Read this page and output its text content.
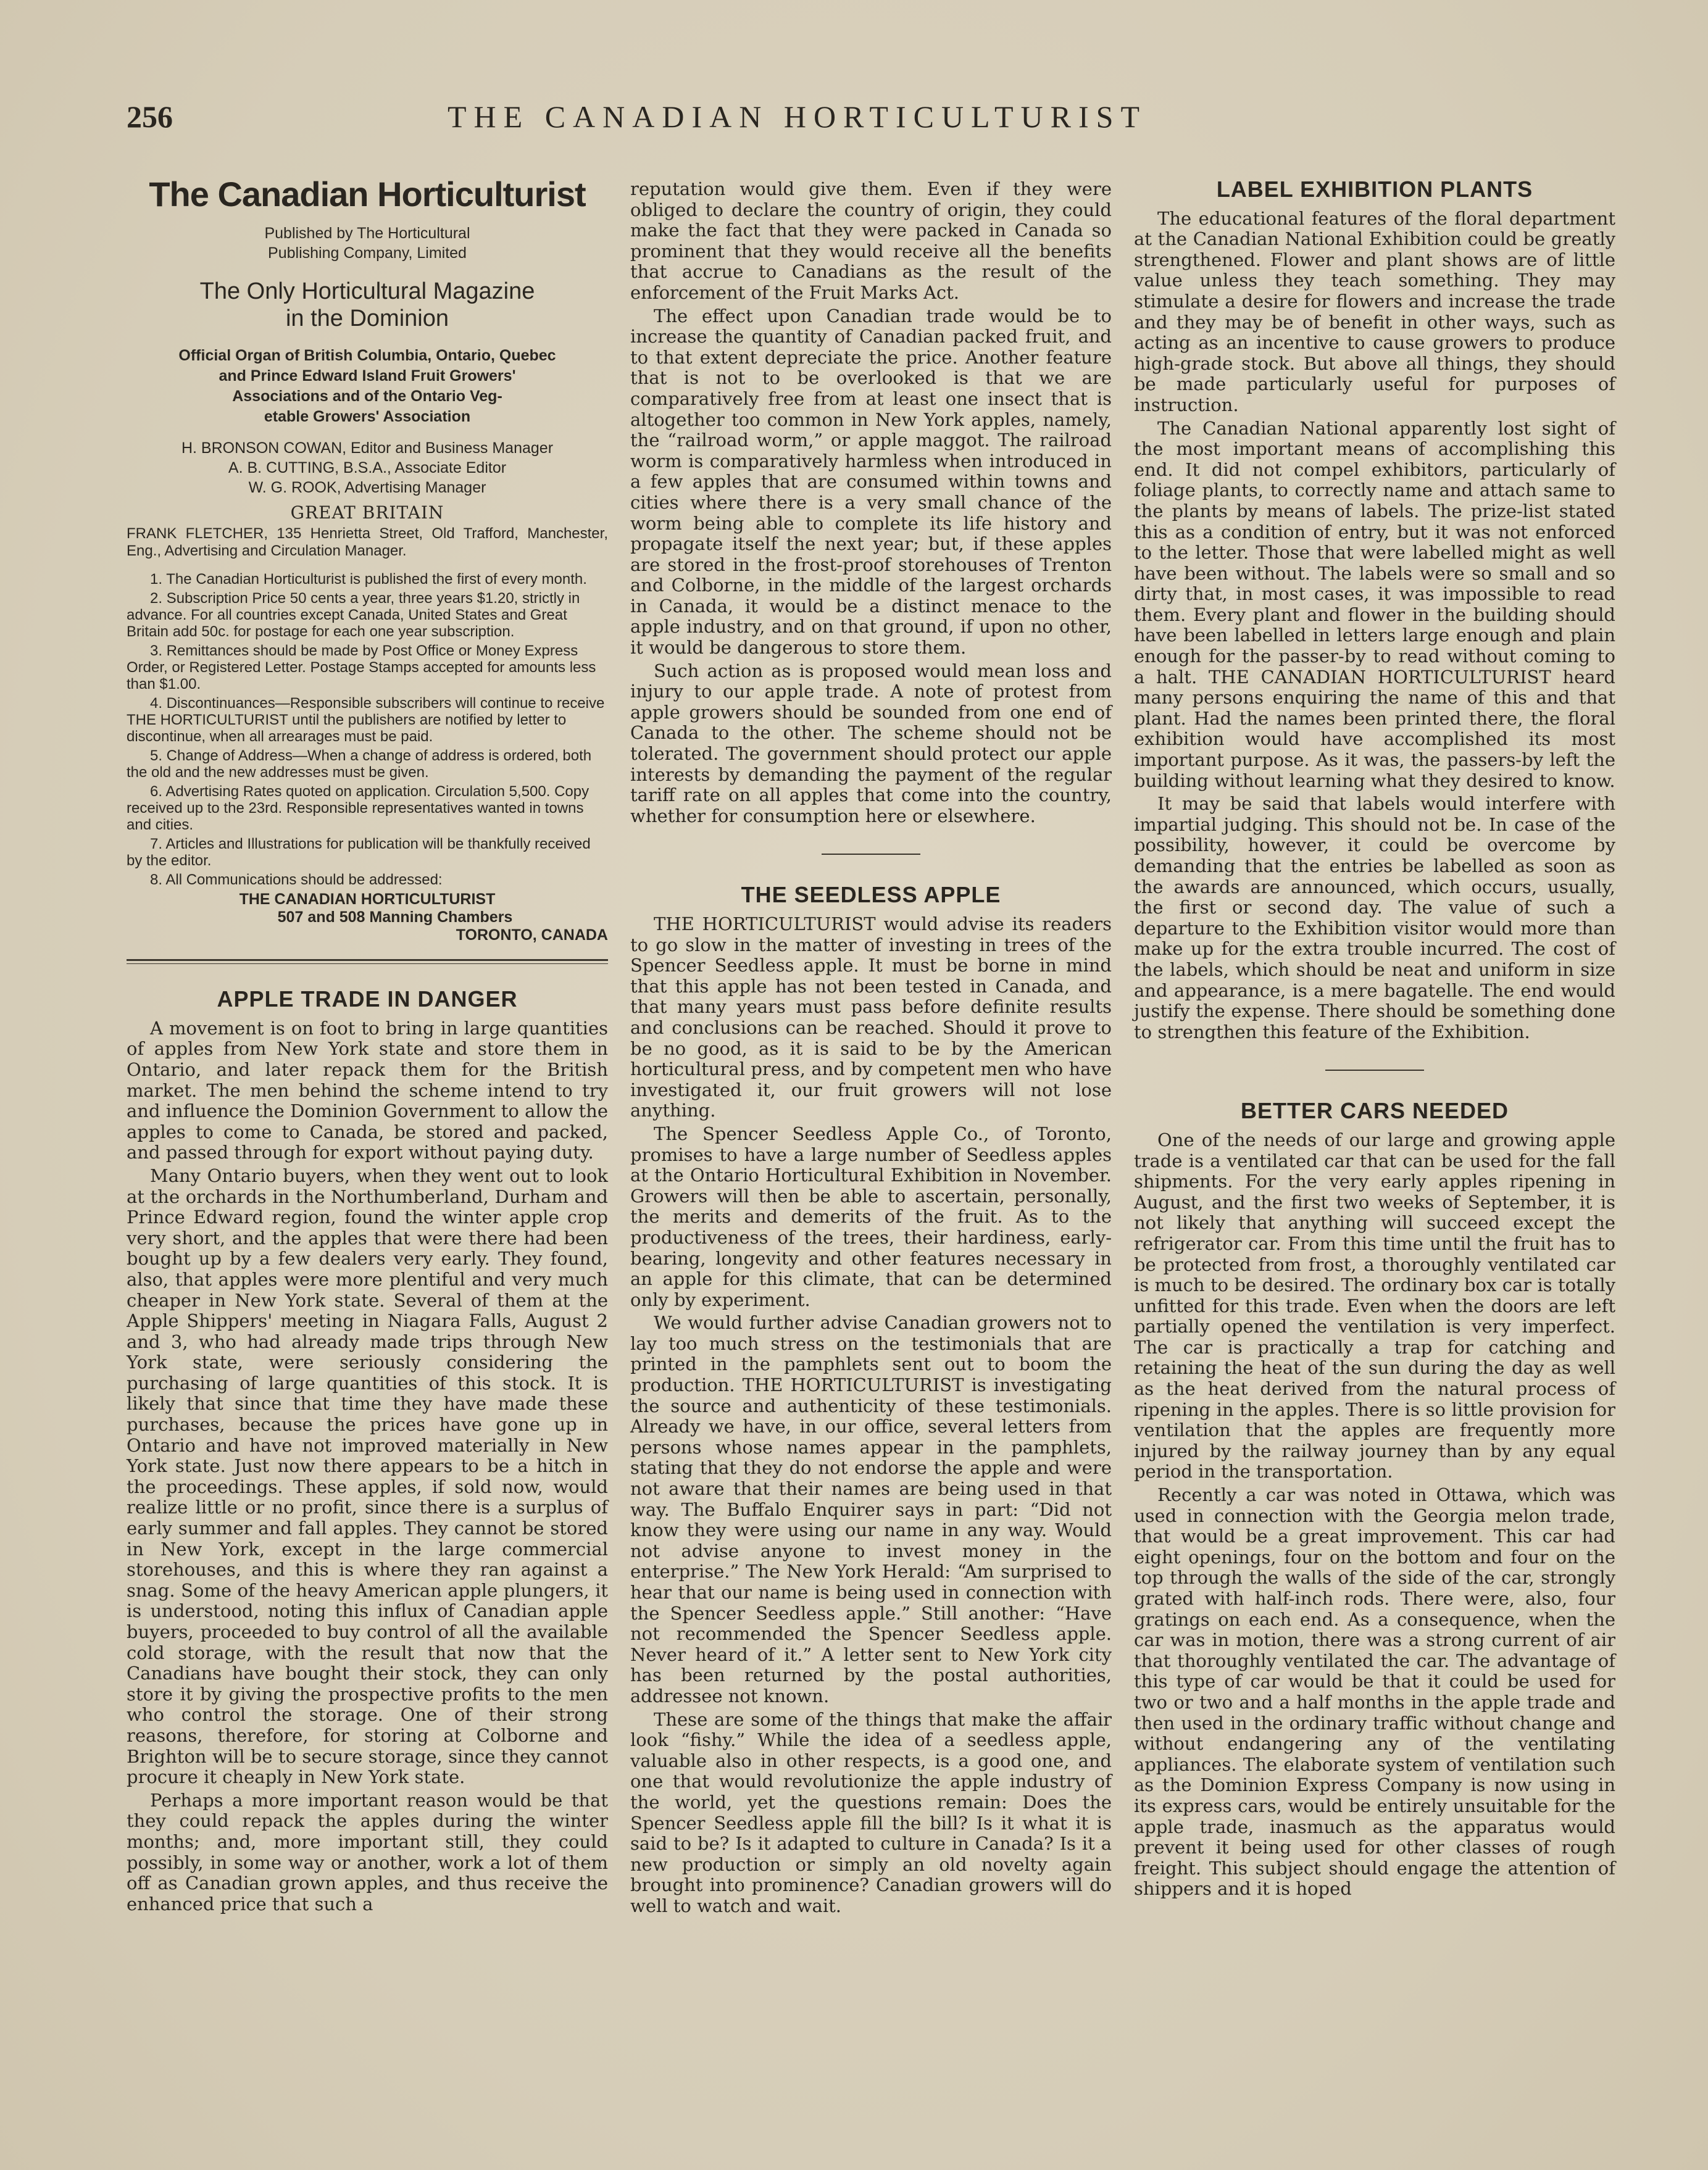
256	THE CANADIAN HORTICULTURIST
The Canadian Horticulturist
Published by The Horticultural
Publishing Company, Limited
The Only Horticultural Magazine
in the Dominion
Official Organ of British Columbia, Ontario, Quebec
and Prince Edward Island Fruit Growers'
Associations and of the Ontario Veg-
etable Growers' Association
H. BRONSON COWAN, Editor and Business Manager
A. B. CUTTING, B.S.A., Associate Editor
W. G. ROOK, Advertising Manager
GREAT BRITAIN
FRANK FLETCHER, 135 Henrietta Street, Old Trafford, Manchester, Eng., Advertising and Circulation Manager.

1. The Canadian Horticulturist is published the first of every month.

2. Subscription Price 50 cents a year, three years $1.20, strictly in advance. For all countries except Canada, United States and Great Britain add 50c. for postage for each one year subscription.

3. Remittances should be made by Post Office or Money Express Order, or Registered Letter. Postage Stamps accepted for amounts less than $1.00.

4. Discontinuances—Responsible subscribers will continue to receive THE HORTICULTURIST until the publishers are notified by letter to discontinue, when all arrearages must be paid.

5. Change of Address—When a change of address is ordered, both the old and the new addresses must be given.

6. Advertising Rates quoted on application. Circulation 5,500. Copy received up to the 23rd. Responsible representatives wanted in towns and cities.

7. Articles and Illustrations for publication will be thankfully received by the editor.

8. All Communications should be addressed:

THE CANADIAN HORTICULTURIST
507 and 508 Manning Chambers
TORONTO, CANADA
APPLE TRADE IN DANGER

A movement is on foot to bring in large quantities of apples from New York state and store them in Ontario, and later repack them for the British market. The men behind the scheme intend to try and influence the Dominion Government to allow the apples to come to Canada, be stored and packed, and passed through for export without paying duty.

Many Ontario buyers, when they went out to look at the orchards in the Northumberland, Durham and Prince Edward region, found the winter apple crop very short, and the apples that were there had been bought up by a few dealers very early. They found, also, that apples were more plentiful and very much cheaper in New York state. Several of them at the Apple Shippers' meeting in Niagara Falls, August 2 and 3, who had already made trips through New York state, were seriously considering the purchasing of large quantities of this stock. It is likely that since that time they have made these purchases, because the prices have gone up in Ontario and have not improved materially in New York state. Just now there appears to be a hitch in the proceedings. These apples, if sold now, would realize little or no profit, since there is a surplus of early summer and fall apples. They cannot be stored in New York, except in the large commercial storehouses, and this is where they ran against a snag. Some of the heavy American apple plungers, it is understood, noting this influx of Canadian apple buyers, proceeded to buy control of all the available cold storage, with the result that now that the Canadians have bought their stock, they can only store it by giving the prospective profits to the men who control the storage. One of their strong reasons, therefore, for storing at Colborne and Brighton will be to secure storage, since they cannot procure it cheaply in New York state.

Perhaps a more important reason would be that they could repack the apples during the winter months; and, more important still, they could possibly, in some way or another, work a lot of them off as Canadian grown apples, and thus receive the enhanced price that such a

reputation would give them. Even if they were obliged to declare the country of origin, they could make the fact that they were packed in Canada so prominent that they would receive all the benefits that accrue to Canadians as the result of the enforcement of the Fruit Marks Act.

The effect upon Canadian trade would be to increase the quantity of Canadian packed fruit, and to that extent depreciate the price. Another feature that is not to be overlooked is that we are comparatively free from at least one insect that is altogether too common in New York apples, namely, the “railroad worm,” or apple maggot. The railroad worm is comparatively harmless when introduced in a few apples that are consumed within towns and cities where there is a very small chance of the worm being able to complete its life history and propagate itself the next year; but, if these apples are stored in the frost-proof storehouses of Trenton and Colborne, in the middle of the largest orchards in Canada, it would be a distinct menace to the apple industry, and on that ground, if upon no other, it would be dangerous to store them.

Such action as is proposed would mean loss and injury to our apple trade. A note of protest from apple growers should be sounded from one end of Canada to the other. The scheme should not be tolerated. The government should protect our apple interests by demanding the payment of the regular tariff rate on all apples that come into the country, whether for consumption here or elsewhere.

THE SEEDLESS APPLE

THE HORTICULTURIST would advise its readers to go slow in the matter of investing in trees of the Spencer Seedless apple. It must be borne in mind that this apple has not been tested in Canada, and that many years must pass before definite results and conclusions can be reached. Should it prove to be no good, as it is said to be by the American horticultural press, and by competent men who have investigated it, our fruit growers will not lose anything.

The Spencer Seedless Apple Co., of Toronto, promises to have a large number of Seedless apples at the Ontario Horticultural Exhibition in November. Growers will then be able to ascertain, personally, the merits and demerits of the fruit. As to the productiveness of the trees, their hardiness, early-bearing, longevity and other features necessary in an apple for this climate, that can be determined only by experiment.

We would further advise Canadian growers not to lay too much stress on the testimonials that are printed in the pamphlets sent out to boom the production. THE HORTICULTURIST is investigating the source and authenticity of these testimonials. Already we have, in our office, several letters from persons whose names appear in the pamphlets, stating that they do not endorse the apple and were not aware that their names are being used in that way. The Buffalo Enquirer says in part: “Did not know they were using our name in any way. Would not advise anyone to invest money in the enterprise.” The New York Herald: “Am surprised to hear that our name is being used in connection with the Spencer Seedless apple.” Still another: “Have not recommended the Spencer Seedless apple. Never heard of it.” A letter sent to New York city has been returned by the postal authorities, addressee not known.

These are some of the things that make the affair look “fishy.” While the idea of a seedless apple, valuable also in other respects, is a good one, and one that would revolutionize the apple industry of the world, yet the questions remain: Does the Spencer Seedless apple fill the bill? Is it what it is said to be? Is it adapted to culture in Canada? Is it a new production or simply an old novelty again brought into prominence? Canadian growers will do well to watch and wait.

LABEL EXHIBITION PLANTS

The educational features of the floral department at the Canadian National Exhibition could be greatly strengthened. Flower and plant shows are of little value unless they teach something. They may stimulate a desire for flowers and increase the trade and they may be of benefit in other ways, such as acting as an incentive to cause growers to produce high-grade stock. But above all things, they should be made particularly useful for purposes of instruction.

The Canadian National apparently lost sight of the most important means of accomplishing this end. It did not compel exhibitors, particularly of foliage plants, to correctly name and attach same to the plants by means of labels. The prize-list stated this as a condition of entry, but it was not enforced to the letter. Those that were labelled might as well have been without. The labels were so small and so dirty that, in most cases, it was impossible to read them. Every plant and flower in the building should have been labelled in letters large enough and plain enough for the passer-by to read without coming to a halt. THE CANADIAN HORTICULTURIST heard many persons enquiring the name of this and that plant. Had the names been printed there, the floral exhibition would have accomplished its most important purpose. As it was, the passers-by left the building without learning what they desired to know.

It may be said that labels would interfere with impartial judging. This should not be. In case of the possibility, however, it could be overcome by demanding that the entries be labelled as soon as the awards are announced, which occurs, usually, the first or second day. The value of such a departure to the Exhibition visitor would more than make up for the extra trouble incurred. The cost of the labels, which should be neat and uniform in size and appearance, is a mere bagatelle. The end would justify the expense. There should be something done to strengthen this feature of the Exhibition.

BETTER CARS NEEDED

One of the needs of our large and growing apple trade is a ventilated car that can be used for the fall shipments. For the very early apples ripening in August, and the first two weeks of September, it is not likely that anything will succeed except the refrigerator car. From this time until the fruit has to be protected from frost, a thoroughly ventilated car is much to be desired. The ordinary box car is totally unfitted for this trade. Even when the doors are left partially opened the ventilation is very imperfect. The car is practically a trap for catching and retaining the heat of the sun during the day as well as the heat derived from the natural process of ripening in the apples. There is so little provision for ventilation that the apples are frequently more injured by the railway journey than by any equal period in the transportation.

Recently a car was noted in Ottawa, which was used in connection with the Georgia melon trade, that would be a great improvement. This car had eight openings, four on the bottom and four on the top through the walls of the side of the car, strongly grated with half-inch rods. There were, also, four gratings on each end. As a consequence, when the car was in motion, there was a strong current of air that thoroughly ventilated the car. The advantage of this type of car would be that it could be used for two or two and a half months in the apple trade and then used in the ordinary traffic without change and without endangering any of the ventilating appliances. The elaborate system of ventilation such as the Dominion Express Company is now using in its express cars, would be entirely unsuitable for the apple trade, inasmuch as the apparatus would prevent it being used for other classes of rough freight. This subject should engage the attention of shippers and it is hoped
